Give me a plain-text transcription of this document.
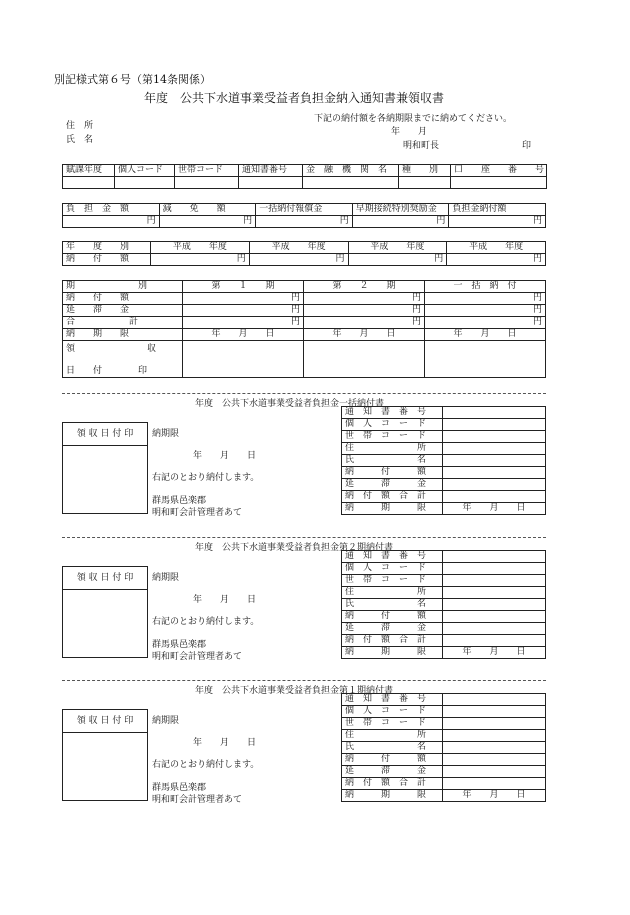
別記様式第６号（第14条関係）
年度　公共下水道事業受益者負担金納入通知書兼領収書
住　所
氏　名
下記の納付額を各納期限までに納めてください。
年　　月
明和町長	印
賦課年度	個人コード	世帯コード	通知書番号	金　融　機　関　名	種　　別	口　　座　　番　　号

負　担　金　額	減　　免　　額	一括納付報償金	早期接続特別奨励金	負担金納付額
円	円	円	円	円
年　　度　　別	平成　　年度	平成　　年度	平成　　年度	平成　　年度
納　　付　　額	円	円	円	円
期　　　　　　　別	第　　１　　期	第　　２　　期	一　括　納　付
納　　付　　額	円	円	円
延　　滞　　金	円	円	円
合　　　　　　計	円	円	円
納　　期　　限	年　　月　　日	年　　月　　日	年　　月　　日

領　　　　　　　　収
日　　付　　　　印			

年度　公共下水道事業受益者負担金一括納付書
領 収 日 付 印	納期限
年　　月　　日
右記のとおり納付します。
群馬県邑楽郡
明和町会計管理者あて
通　知　書　番　号	
個　人　コ　ー　ド	
世　帯　コ　ー　ド	
住　　　　　　　所	
氏　　　　　　　名	
納　　　付　　　額	
延　　　滞　　　金	
納　付　額　合　計	
納　　　期　　　限	年　　月　　日
年度　公共下水道事業受益者負担金第２期納付書
領 収 日 付 印	納期限
年　　月　　日
右記のとおり納付します。
群馬県邑楽郡
明和町会計管理者あて
通　知　書　番　号	
個　人　コ　ー　ド	
世　帯　コ　ー　ド	
住　　　　　　　所	
氏　　　　　　　名	
納　　　付　　　額	
延　　　滞　　　金	
納　付　額　合　計	
納　　　期　　　限	年　　月　　日
年度　公共下水道事業受益者負担金第１期納付書
領 収 日 付 印	納期限
年　　月　　日
右記のとおり納付します。
群馬県邑楽郡
明和町会計管理者あて
通　知　書　番　号	
個　人　コ　ー　ド	
世　帯　コ　ー　ド	
住　　　　　　　所	
氏　　　　　　　名	
納　　　付　　　額	
延　　　滞　　　金	
納　付　額　合　計	
納　　　期　　　限	年　　月　　日
